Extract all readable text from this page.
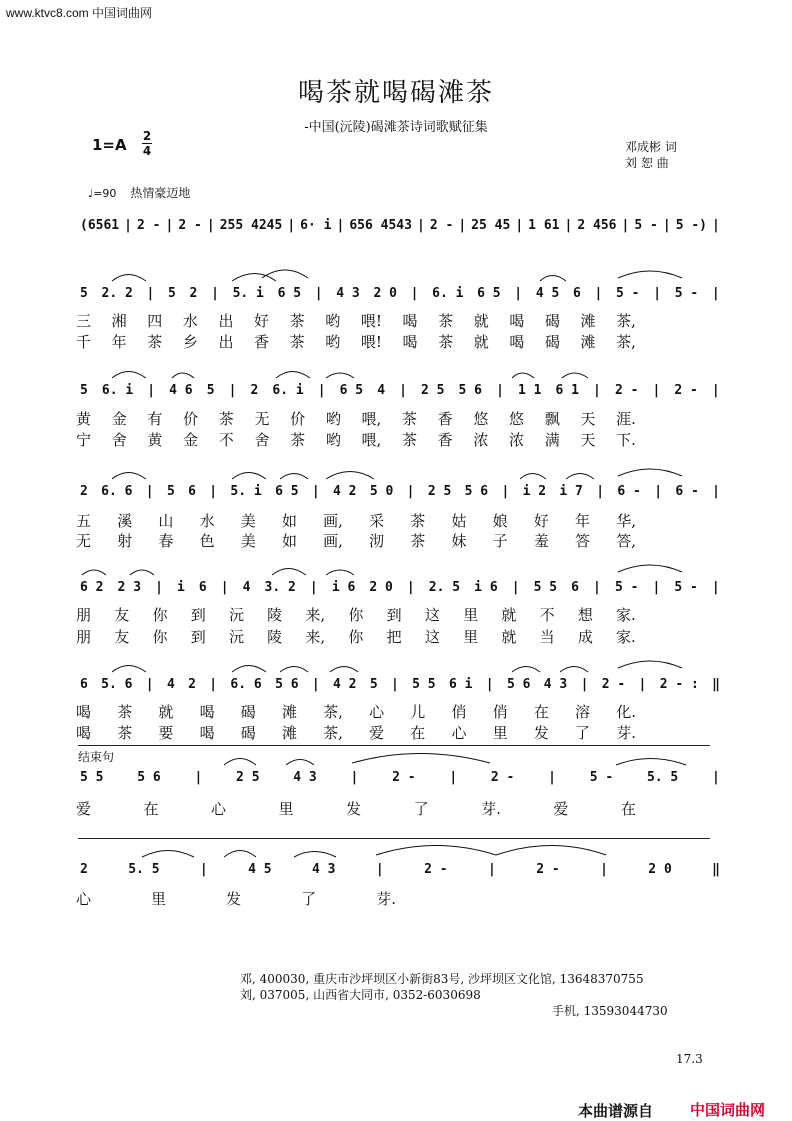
www.ktvc8.com 中国词曲网
喝茶就喝碣滩茶
-中国(沅陵)碣滩茶诗词歌赋征集
1=A 2
4	邓成彬 词
刘 恕 曲
♩=90 热情豪迈地
(6561 | 2 - | 2 - | 255 4245 | 6· i | 656 4543 | 2 - | 25 45 | 1 61 | 2 456 | 5 - | 5 -) |
5 2. 2 | 5 2 | 5. i 6 5 | 4 3 2 0 | 6. i 6 5 | 4 5 6 | 5 - | 5 - |
三 湘 四 水 出 好 茶 哟 喂! 喝 茶 就 喝 碣 滩 茶,
千 年 茶 乡 出 香 茶 哟 喂! 喝 茶 就 喝 碣 滩 茶,
5 6. i | 4 6 5 | 2 6. i | 6 5 4 | 2 5 5 6 | 1 1 6 1 | 2 - | 2 - |
黄 金 有 价 茶 无 价 哟 喂, 茶 香 悠 悠 飘 天 涯.
宁 舍 黄 金 不 舍 茶 哟 喂, 茶 香 浓 浓 满 天 下.
2 6. 6 | 5 6 | 5. i 6 5 | 4 2 5 0 | 2 5 5 6 | i 2 i 7 | 6 - | 6 - |
五 溪 山 水 美 如 画, 采 茶 姑 娘 好 年 华,
无 射 春 色 美 如 画, 沏 茶 妹 子 羞 答 答,
6 2 2 3 | i 6 | 4 3. 2 | i 6 2 0 | 2. 5 i 6 | 5 5 6 | 5 - | 5 - |
朋 友 你 到 沅 陵 来, 你 到 这 里 就 不 想 家.
朋 友 你 到 沅 陵 来, 你 把 这 里 就 当 成 家.
6 5. 6 | 4 2 | 6. 6 5 6 | 4 2 5 | 5 5 6 i | 5 6 4 3 | 2 - | 2 - : ‖
喝 茶 就 喝 碣 滩 茶, 心 儿 俏 俏 在 溶 化.
喝 茶 要 喝 碣 滩 茶, 爱 在 心 里 发 了 芽.
结束句
5 5	5 6	|	2 5	4 3	|	2 -	|	2 -	|	5 -	5. 5	|
爱	在	心	里	发	了	芽.	爱	在
2	5. 5	|	4 5	4 3	|	2 -	|	2 -	|	2 0	‖
心	里	发	了	芽.
邓, 400030, 重庆市沙坪坝区小新街83号, 沙坪坝区文化馆, 13648370755
刘, 037005, 山西省大同市, 0352-6030698
手机, 13593044730
17.3
本曲谱源自 中国词曲网
